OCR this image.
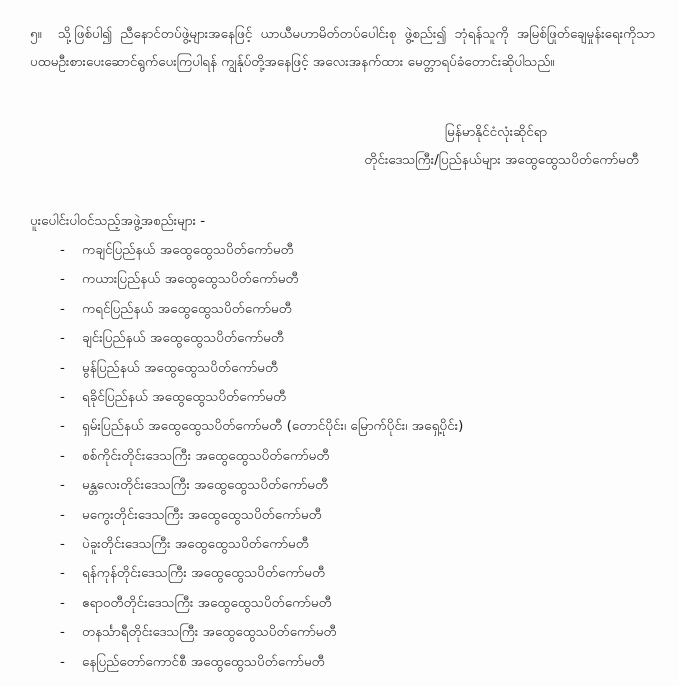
၅။ သို့ဖြစ်ပါ၍ ညီနောင်တပ်ဖွဲ့များအနေဖြင့် ယာယီမဟာမိတ်တပ်ပေါင်းစု ဖွဲ့စည်း၍ ဘုံရန်သူကို အမြစ်ဖြုတ်ချေမှုန်းရေးကိုသာ ပထမဦးစားပေးဆောင်ရွက်ပေးကြပါရန် ကျွန်ုပ်တို့အနေဖြင့် အလေးအနက်ထား မေတ္တာရပ်ခံတောင်းဆိုပါသည်။

မြန်မာနိုင်ငံလုံးဆိုင်ရာ
တိုင်းဒေသကြီး/ပြည်နယ်များ အထွေထွေသပိတ်ကော်မတီ
ပူးပေါင်းပါဝင်သည့်အဖွဲ့အစည်းများ -
- ကချင်ပြည်နယ် အထွေထွေသပိတ်ကော်မတီ
- ကယားပြည်နယ် အထွေထွေသပိတ်ကော်မတီ
- ကရင်ပြည်နယ် အထွေထွေသပိတ်ကော်မတီ
- ချင်းပြည်နယ် အထွေထွေသပိတ်ကော်မတီ
- မွန်ပြည်နယ် အထွေထွေသပိတ်ကော်မတီ
- ရခိုင်ပြည်နယ် အထွေထွေသပိတ်ကော်မတီ
- ရှမ်းပြည်နယ် အထွေထွေသပိတ်ကော်မတီ (တောင်ပိုင်း၊ မြောက်ပိုင်း၊ အရှေ့ပိုင်း)
- စစ်ကိုင်းတိုင်းဒေသကြီး အထွေထွေသပိတ်ကော်မတီ
- မန္တလေးတိုင်းဒေသကြီး အထွေထွေသပိတ်ကော်မတီ
- မကွေးတိုင်းဒေသကြီး အထွေထွေသပိတ်ကော်မတီ
- ပဲခူးတိုင်းဒေသကြီး အထွေထွေသပိတ်ကော်မတီ
- ရန်ကုန်တိုင်းဒေသကြီး အထွေထွေသပိတ်ကော်မတီ
- ဧရာဝတီတိုင်းဒေသကြီး အထွေထွေသပိတ်ကော်မတီ
- တနင်္သာရီတိုင်းဒေသကြီး အထွေထွေသပိတ်ကော်မတီ
- နေပြည်တော်ကောင်စီ အထွေထွေသပိတ်ကော်မတီ
